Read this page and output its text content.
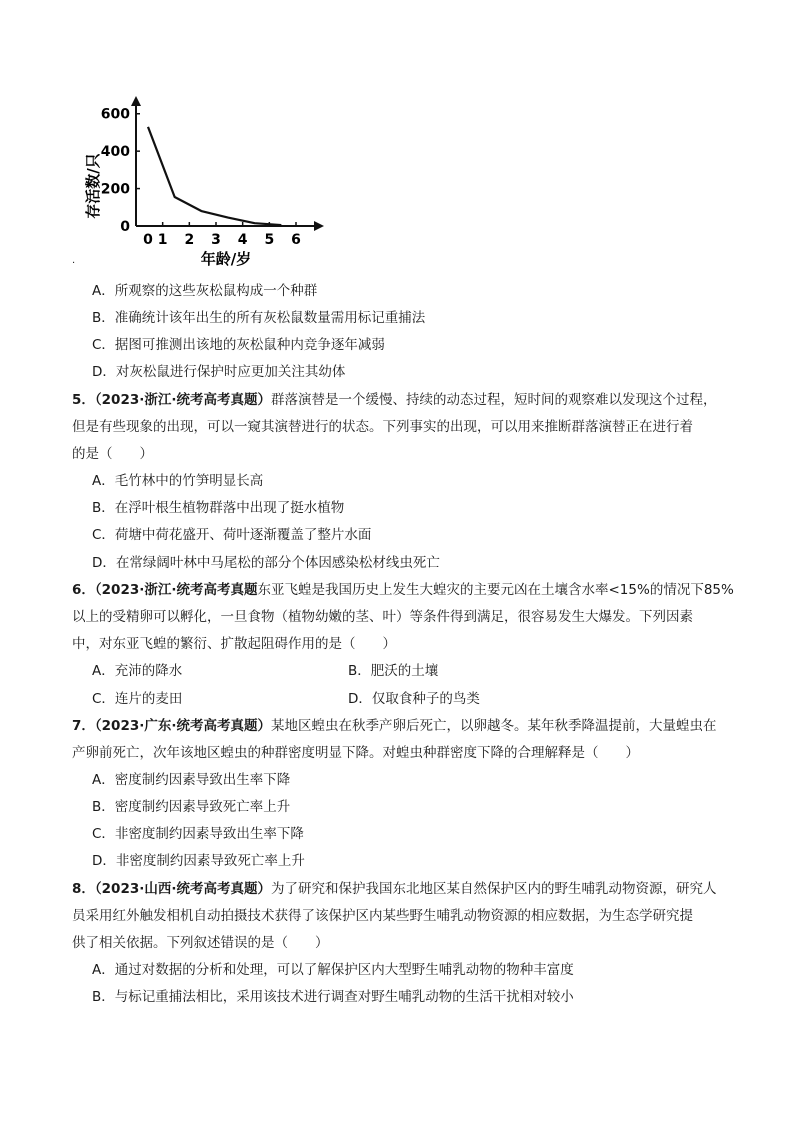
0
200
400
600
0 1 2 3 4 5 6
存活数/只
年龄/岁
.
A．所观察的这些灰松鼠构成一个种群
B．准确统计该年出生的所有灰松鼠数量需用标记重捕法
C．据图可推测出该地的灰松鼠种内竞争逐年减弱
D．对灰松鼠进行保护时应更加关注其幼体
5．（2023·浙江·统考高考真题）群落演替是一个缓慢、持续的动态过程，短时间的观察难以发现这个过程，
但是有些现象的出现，可以一窥其演替进行的状态。下列事实的出现，可以用来推断群落演替正在进行着
的是（　　）
A．毛竹林中的竹笋明显长高
B．在浮叶根生植物群落中出现了挺水植物
C．荷塘中荷花盛开、荷叶逐渐覆盖了整片水面
D．在常绿阔叶林中马尾松的部分个体因感染松材线虫死亡
6．（2023·浙江·统考高考真题东亚飞蝗是我国历史上发生大蝗灾的主要元凶在土壤含水率<15%的情况下85%
以上的受精卵可以孵化，一旦食物（植物幼嫩的茎、叶）等条件得到满足，很容易发生大爆发。下列因素
中，对东亚飞蝗的繁衍、扩散起阻碍作用的是（　　）
A．充沛的降水	B．肥沃的土壤
C．连片的麦田	D．仅取食种子的鸟类
7．（2023·广东·统考高考真题）某地区蝗虫在秋季产卵后死亡，以卵越冬。某年秋季降温提前，大量蝗虫在
产卵前死亡，次年该地区蝗虫的种群密度明显下降。对蝗虫种群密度下降的合理解释是（　　）
A．密度制约因素导致出生率下降
B．密度制约因素导致死亡率上升
C．非密度制约因素导致出生率下降
D．非密度制约因素导致死亡率上升
8．（2023·山西·统考高考真题）为了研究和保护我国东北地区某自然保护区内的野生哺乳动物资源，研究人
员采用红外触发相机自动拍摄技术获得了该保护区内某些野生哺乳动物资源的相应数据，为生态学研究提
供了相关依据。下列叙述错误的是（　　）
A．通过对数据的分析和处理，可以了解保护区内大型野生哺乳动物的物种丰富度
B．与标记重捕法相比，采用该技术进行调查对野生哺乳动物的生活干扰相对较小
